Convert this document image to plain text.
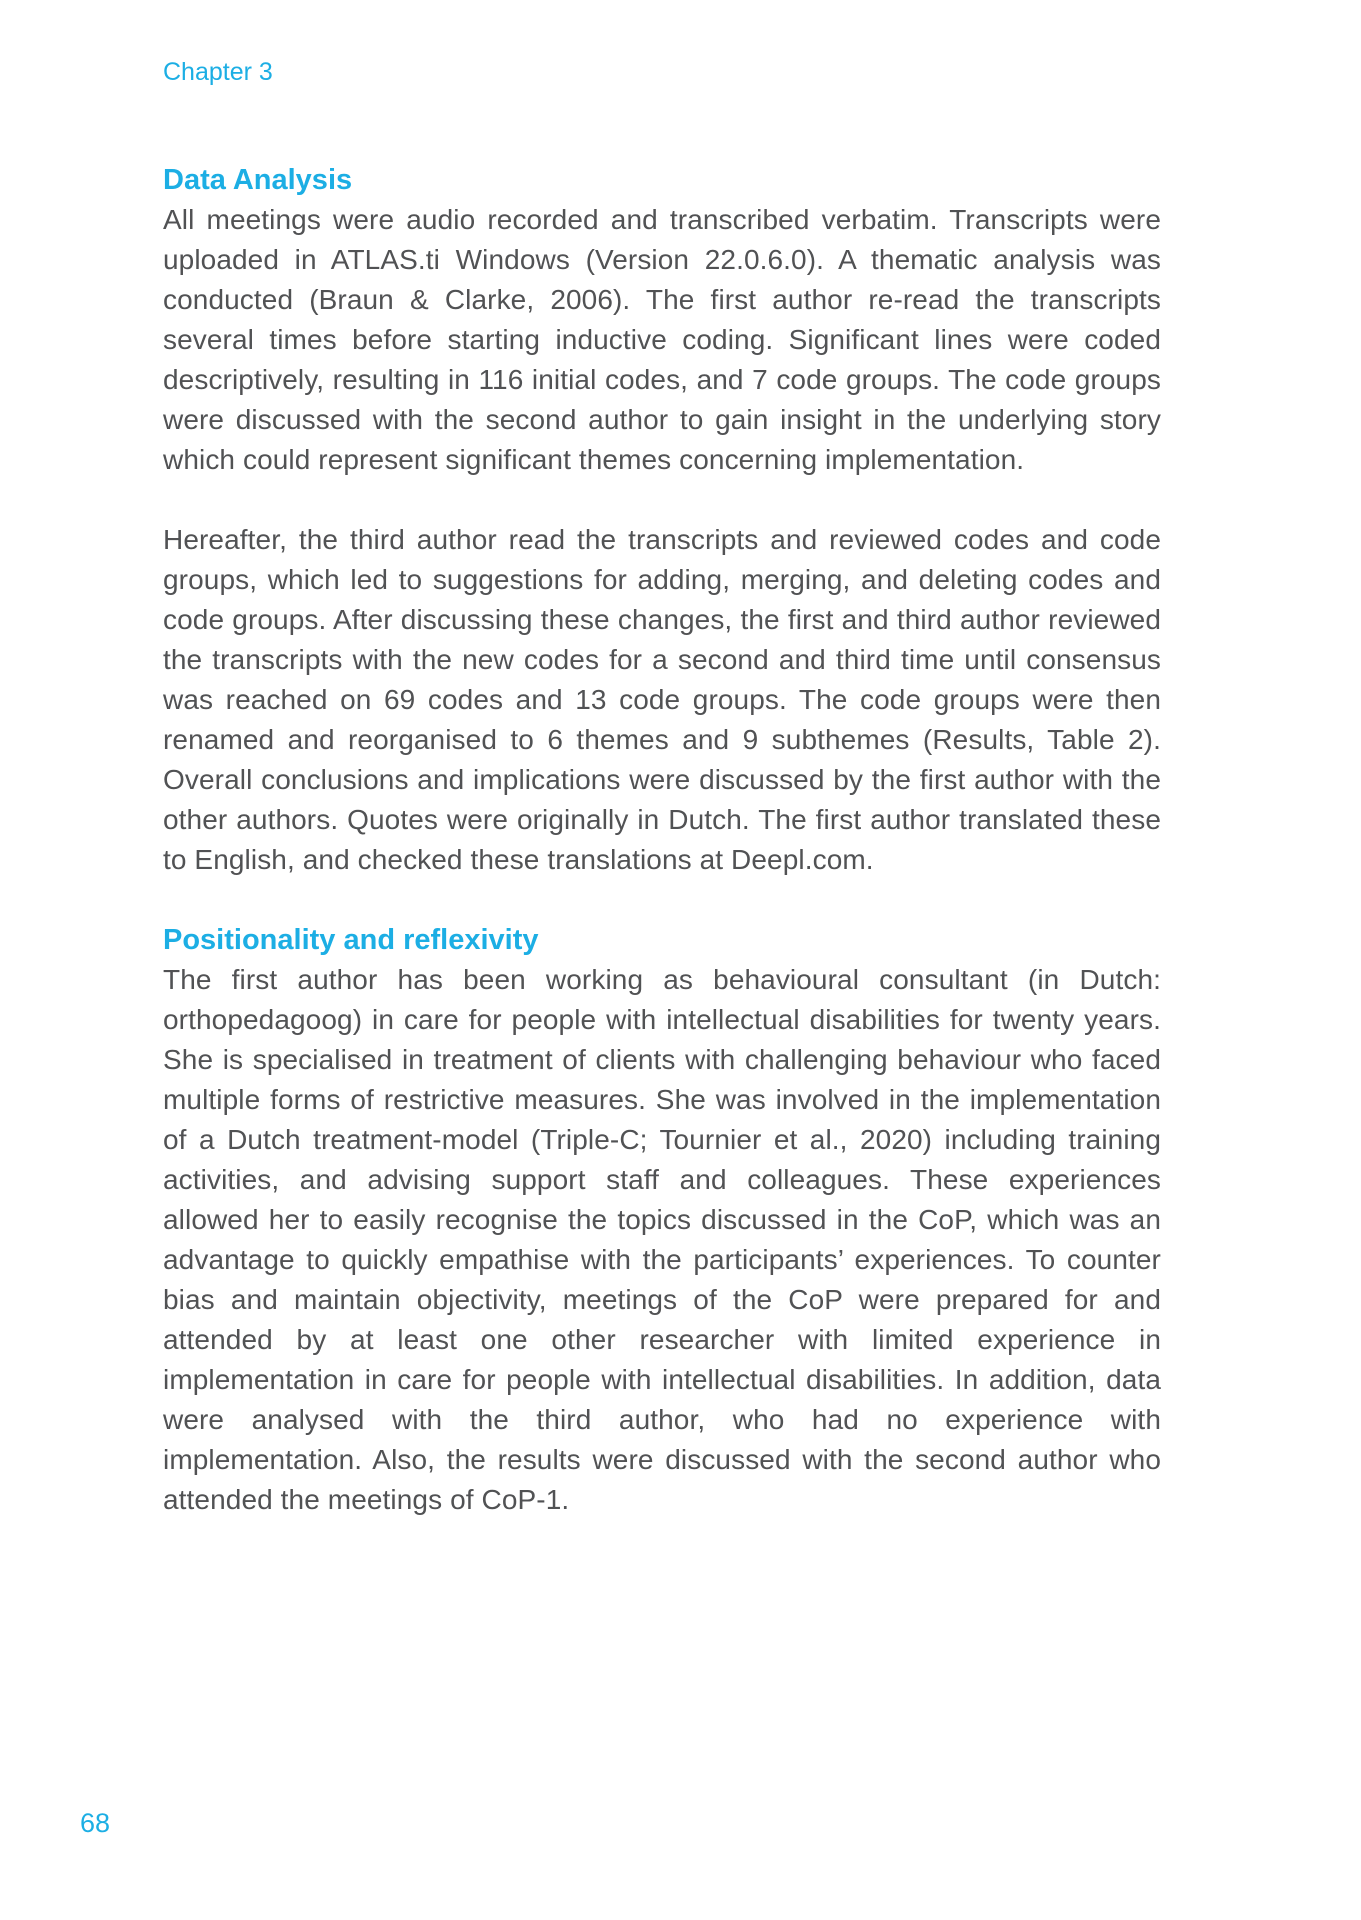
Chapter 3
Data Analysis

All meetings were audio recorded and transcribed verbatim. Transcripts were uploaded in ATLAS.ti Windows (Version 22.0.6.0). A thematic analysis was conducted (Braun & Clarke, 2006). The first author re-read the transcripts several times before starting inductive coding. Significant lines were coded descriptively, resulting in 116 initial codes, and 7 code groups. The code groups were discussed with the second author to gain insight in the underlying story which could represent significant themes concerning implementation.

Hereafter, the third author read the transcripts and reviewed codes and code groups, which led to suggestions for adding, merging, and deleting codes and code groups. After discussing these changes, the first and third author reviewed the transcripts with the new codes for a second and third time until consensus was reached on 69 codes and 13 code groups. The code groups were then renamed and reorganised to 6 themes and 9 subthemes (Results, Table 2). Overall conclusions and implications were discussed by the first author with the other authors. Quotes were originally in Dutch. The first author translated these to English, and checked these translations at Deepl.com.

Positionality and reflexivity

The first author has been working as behavioural consultant (in Dutch: orthopedagoog) in care for people with intellectual disabilities for twenty years. She is specialised in treatment of clients with challenging behaviour who faced multiple forms of restrictive measures. She was involved in the implementation of a Dutch treatment-model (Triple-C; Tournier et al., 2020) including training activities, and advising support staff and colleagues. These experiences allowed her to easily recognise the topics discussed in the CoP, which was an advantage to quickly empathise with the participants’ experiences. To counter bias and maintain objectivity, meetings of the CoP were prepared for and attended by at least one other researcher with limited experience in implementation in care for people with intellectual disabilities. In addition, data were analysed with the third author, who had no experience with implementation. Also, the results were discussed with the second author who attended the meetings of CoP-1.

68
